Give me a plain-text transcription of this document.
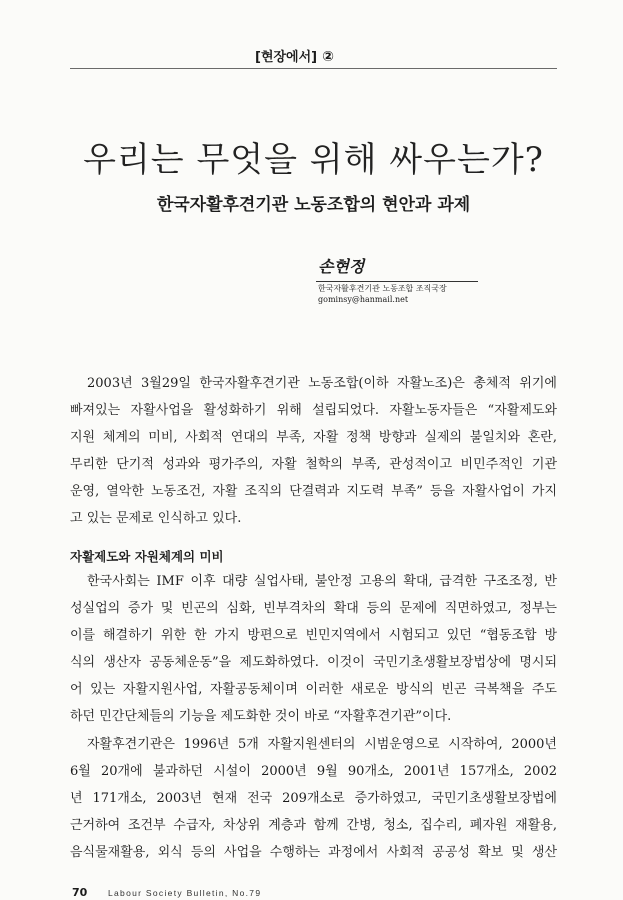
[현장에서] ②
우리는 무엇을 위해 싸우는가?
한국자활후견기관 노동조합의 현안과 과제
손현정
한국자활후견기관 노동조합 조직국장
gominsy@hanmail.net
2003년 3월29일 한국자활후견기관 노동조합(이하 자활노조)은 총체적 위기에
빠져있는 자활사업을 활성화하기 위해 설립되었다. 자활노동자들은 “자활제도와
지원 체계의 미비, 사회적 연대의 부족, 자활 정책 방향과 실제의 불일치와 혼란,
무리한 단기적 성과와 평가주의, 자활 철학의 부족, 관성적이고 비민주적인 기관
운영, 열악한 노동조건, 자활 조직의 단결력과 지도력 부족” 등을 자활사업이 가지
고 있는 문제로 인식하고 있다.
자활제도와 자원체계의 미비
한국사회는 IMF 이후 대량 실업사태, 불안정 고용의 확대, 급격한 구조조정, 반
성실업의 증가 및 빈곤의 심화, 빈부격차의 확대 등의 문제에 직면하였고, 정부는
이를 해결하기 위한 한 가지 방편으로 빈민지역에서 시험되고 있던 “협동조합 방
식의 생산자 공동체운동”을 제도화하였다. 이것이 국민기초생활보장법상에 명시되
어 있는 자활지원사업, 자활공동체이며 이러한 새로운 방식의 빈곤 극복책을 주도
하던 민간단체들의 기능을 제도화한 것이 바로 “자활후견기관”이다.
자활후견기관은 1996년 5개 자활지원센터의 시범운영으로 시작하여, 2000년
6월 20개에 불과하던 시설이 2000년 9월 90개소, 2001년 157개소, 2002
년 171개소, 2003년 현재 전국 209개소로 증가하였고, 국민기초생활보장법에
근거하여 조건부 수급자, 차상위 계층과 함께 간병, 청소, 집수리, 폐자원 재활용,
음식물재활용, 외식 등의 사업을 수행하는 과정에서 사회적 공공성 확보 및 생산
70 Labour Society Bulletin, No.79
